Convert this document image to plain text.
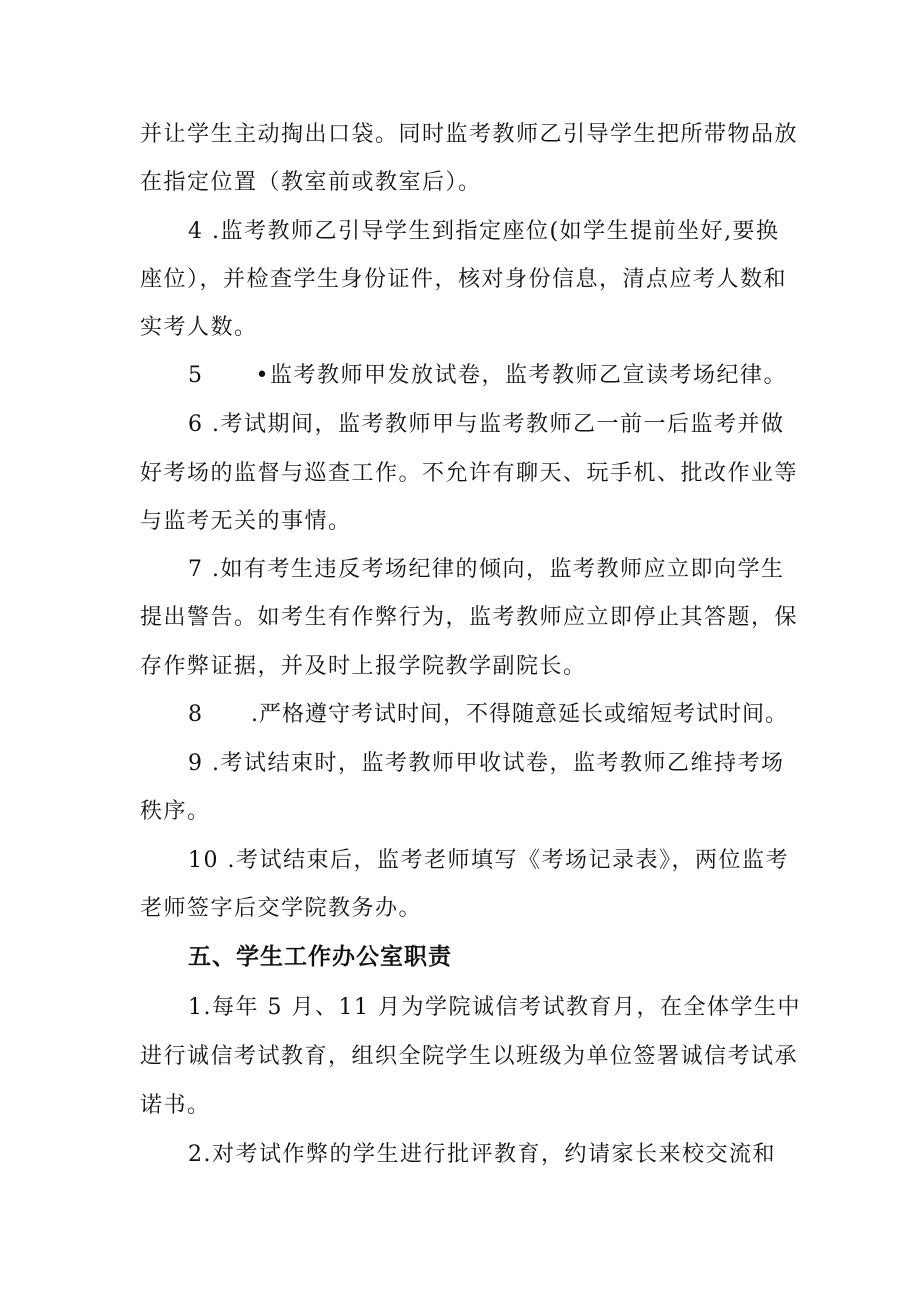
并让学生主动掏出口袋。同时监考教师乙引导学生把所带物品放
在指定位置（教室前或教室后）。
4 .监考教师乙引导学生到指定座位(如学生提前坐好,要换
座位），并检查学生身份证件，核对身份信息，清点应考人数和
实考人数。
5 •监考教师甲发放试卷，监考教师乙宣读考场纪律。
6 .考试期间，监考教师甲与监考教师乙一前一后监考并做
好考场的监督与巡查工作。不允许有聊天、玩手机、批改作业等
与监考无关的事情。
7 .如有考生违反考场纪律的倾向，监考教师应立即向学生
提出警告。如考生有作弊行为，监考教师应立即停止其答题，保
存作弊证据，并及时上报学院教学副院长。
8 .严格遵守考试时间，不得随意延长或缩短考试时间。
9 .考试结束时，监考教师甲收试卷，监考教师乙维持考场
秩序。
10 .考试结束后，监考老师填写《考场记录表》，两位监考
老师签字后交学院教务办。
五、学生工作办公室职责
1.每年 5 月、11 月为学院诚信考试教育月，在全体学生中
进行诚信考试教育，组织全院学生以班级为单位签署诚信考试承
诺书。
2.对考试作弊的学生进行批评教育，约请家长来校交流和
